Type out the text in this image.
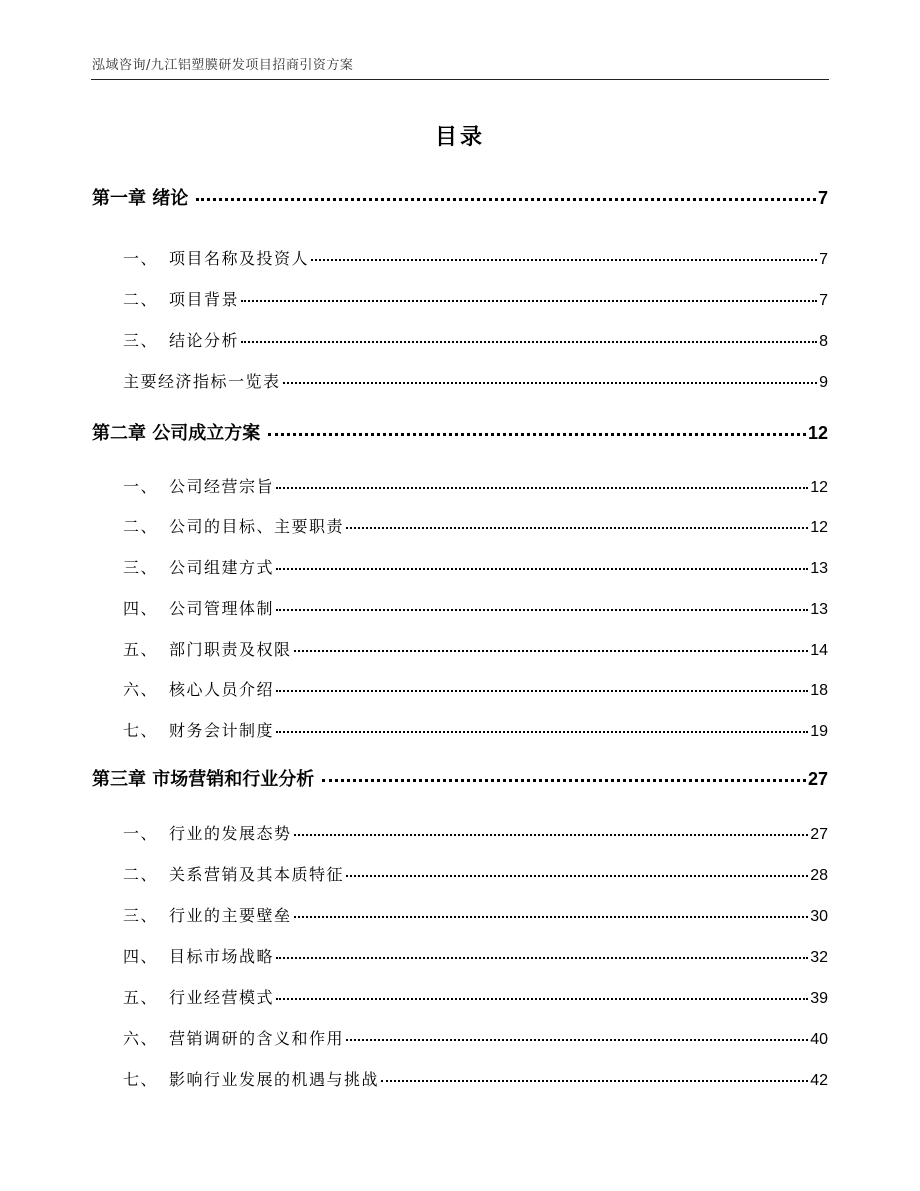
泓域咨询/九江铝塑膜研发项目招商引资方案
目录
第一章 绪论	7
一、 项目名称及投资人	7
二、 项目背景	7
三、 结论分析	8
主要经济指标一览表	9
第二章 公司成立方案	12
一、 公司经营宗旨	12
二、 公司的目标、主要职责	12
三、 公司组建方式	13
四、 公司管理体制	13
五、 部门职责及权限	14
六、 核心人员介绍	18
七、 财务会计制度	19
第三章 市场营销和行业分析	27
一、 行业的发展态势	27
二、 关系营销及其本质特征	28
三、 行业的主要壁垒	30
四、 目标市场战略	32
五、 行业经营模式	39
六、 营销调研的含义和作用	40
七、 影响行业发展的机遇与挑战	42
